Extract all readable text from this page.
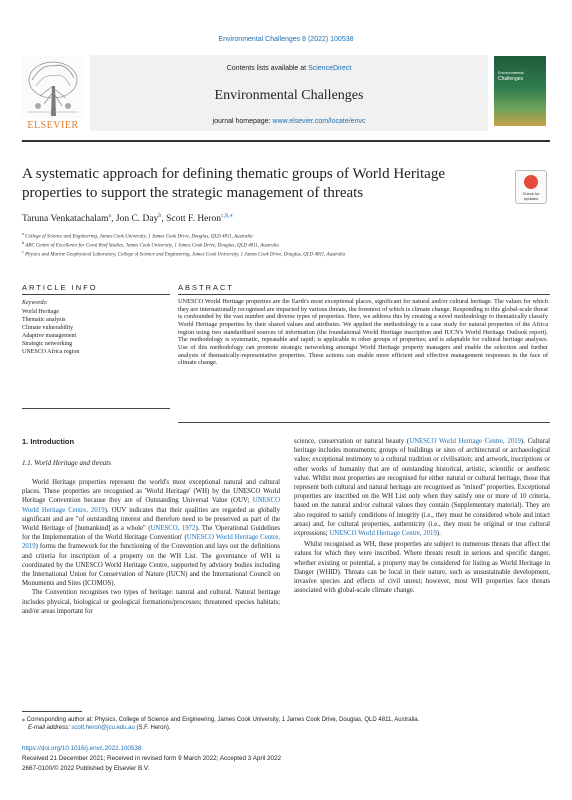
Environmental Challenges 8 (2022) 100538
Contents lists available at ScienceDirect
Environmental Challenges
journal homepage: www.elsevier.com/locate/envc
ELSEVIER
Environmental
Challenges
A systematic approach for defining thematic groups of World Heritage properties to support the strategic management of threats	Check for updates
Taruna Venkatachalam$^a$, Jon C. Day$^b$, Scott F. Heron$^{c,b,⁎}$
$^a$ College of Science and Engineering, James Cook University, 1 James Cook Drive, Douglas, QLD 4811, Australia
$^b$ ARC Centre of Excellence for Coral Reef Studies, James Cook University, 1 James Cook Drive, Douglas, QLD 4811, Australia
$^c$ Physics and Marine Geophysical Laboratory, College of Science and Engineering, James Cook University, 1 James Cook Drive, Douglas, QLD 4811, Australia
ARTICLE INFO	ABSTRACT
Keywords:
World Heritage
Thematic analysis
Climate vulnerability
Adaptive management
Strategic networking
UNESCO Africa region
UNESCO World Heritage properties are the Earth's most exceptional places, significant for natural and/or cultural heritage. The values for which they are internationally recognised are impacted by various threats, the foremost of which is climate change. Responding to this global-scale threat is confounded by the vast number and diverse types of properties. Here, we address this by creating a novel methodology to thematically classify World Heritage properties by their shared values and attributes. We applied the methodology in a case study for natural properties of the Africa region using two standardised sources of information (the foundational World Heritage inscription and IUCN's World Heritage Outlook report). The methodology is systematic, repeatable and rapid; is applicable to other groups of properties; and is adaptable for cultural heritage analyses. Use of this methodology can promote strategic networking amongst World Heritage property managers and enable the selection and further analysis of thematically-representative properties. These actions can enable more efficient and effective management responses in the face of climate change.
1. Introduction
1.1. World Heritage and threats

World Heritage properties represent the world's most exceptional natural and cultural places. These properties are recognised as 'World Heritage' (WH) by the UNESCO World Heritage Convention because they are of Outstanding Universal Value (OUV; UNESCO World Heritage Centre, 2019). OUV indicates that their qualities are regarded as globally significant and are "of outstanding interest and therefore need to be preserved as part of the World Heritage of [humankind] as a whole" (UNESCO, 1972). The 'Operational Guidelines for the Implementation of the World Heritage Convention' (UNESCO World Heritage Centre, 2019) forms the framework for the functioning of the Convention and lays out the definitions and criteria for inscription of a property on the WH List. The governance of WH is coordinated by the UNESCO World Heritage Centre, supported by advisory bodies including the International Union for Conservation of Nature (IUCN) and the International Council on Monuments and Sites (ICOMOS).

The Convention recognises two types of heritage: natural and cultural. Natural heritage includes physical, biological or geological formations/processes; threatened species habitats; and/or areas important for

science, conservation or natural beauty (UNESCO World Heritage Centre, 2019). Cultural heritage includes monuments; groups of buildings or sites of architectural or archaeological value; exceptional testimony to a cultural tradition or civilisation; and artwork, inscriptions or other works of humanity that are of outstanding historical, artistic, scientific or aesthetic value. Whilst most properties are recognised for either natural or cultural heritage, those that represent both cultural and natural heritage are recognised as "mixed" properties. Exceptional properties are inscribed on the WH List only when they satisfy one or more of 10 criteria, based on the natural and/or cultural values they contain (Supplementary material). They are also required to satisfy conditions of integrity (i.e., they must be considered whole and intact areas) and, for cultural properties, authenticity (i.e., they must be original or true cultural expressions; UNESCO World Heritage Centre, 2019).

Whilst recognised as WH, these properties are subject to numerous threats that affect the values for which they were inscribed. Where threats result in serious and specific danger, whether existing or potential, a property may be considered for listing as World Heritage in Danger (WHID). Threats can be local in their nature, such as unsustainable development, invasive species and effects of civil unrest; however, most WH properties face threats associated with global-scale climate change.

⁎ Corresponding author at: Physics, College of Science and Engineering, James Cook University, 1 James Cook Drive, Douglas, QLD 4811, Australia.
E-mail address: scott.heron@jcu.edu.au (S.F. Heron).
https://doi.org/10.1016/j.envc.2022.100538
Received 21 December 2021; Received in revised form 9 March 2022; Accepted 3 April 2022
2667-0100/© 2022 Published by Elsevier B.V.
